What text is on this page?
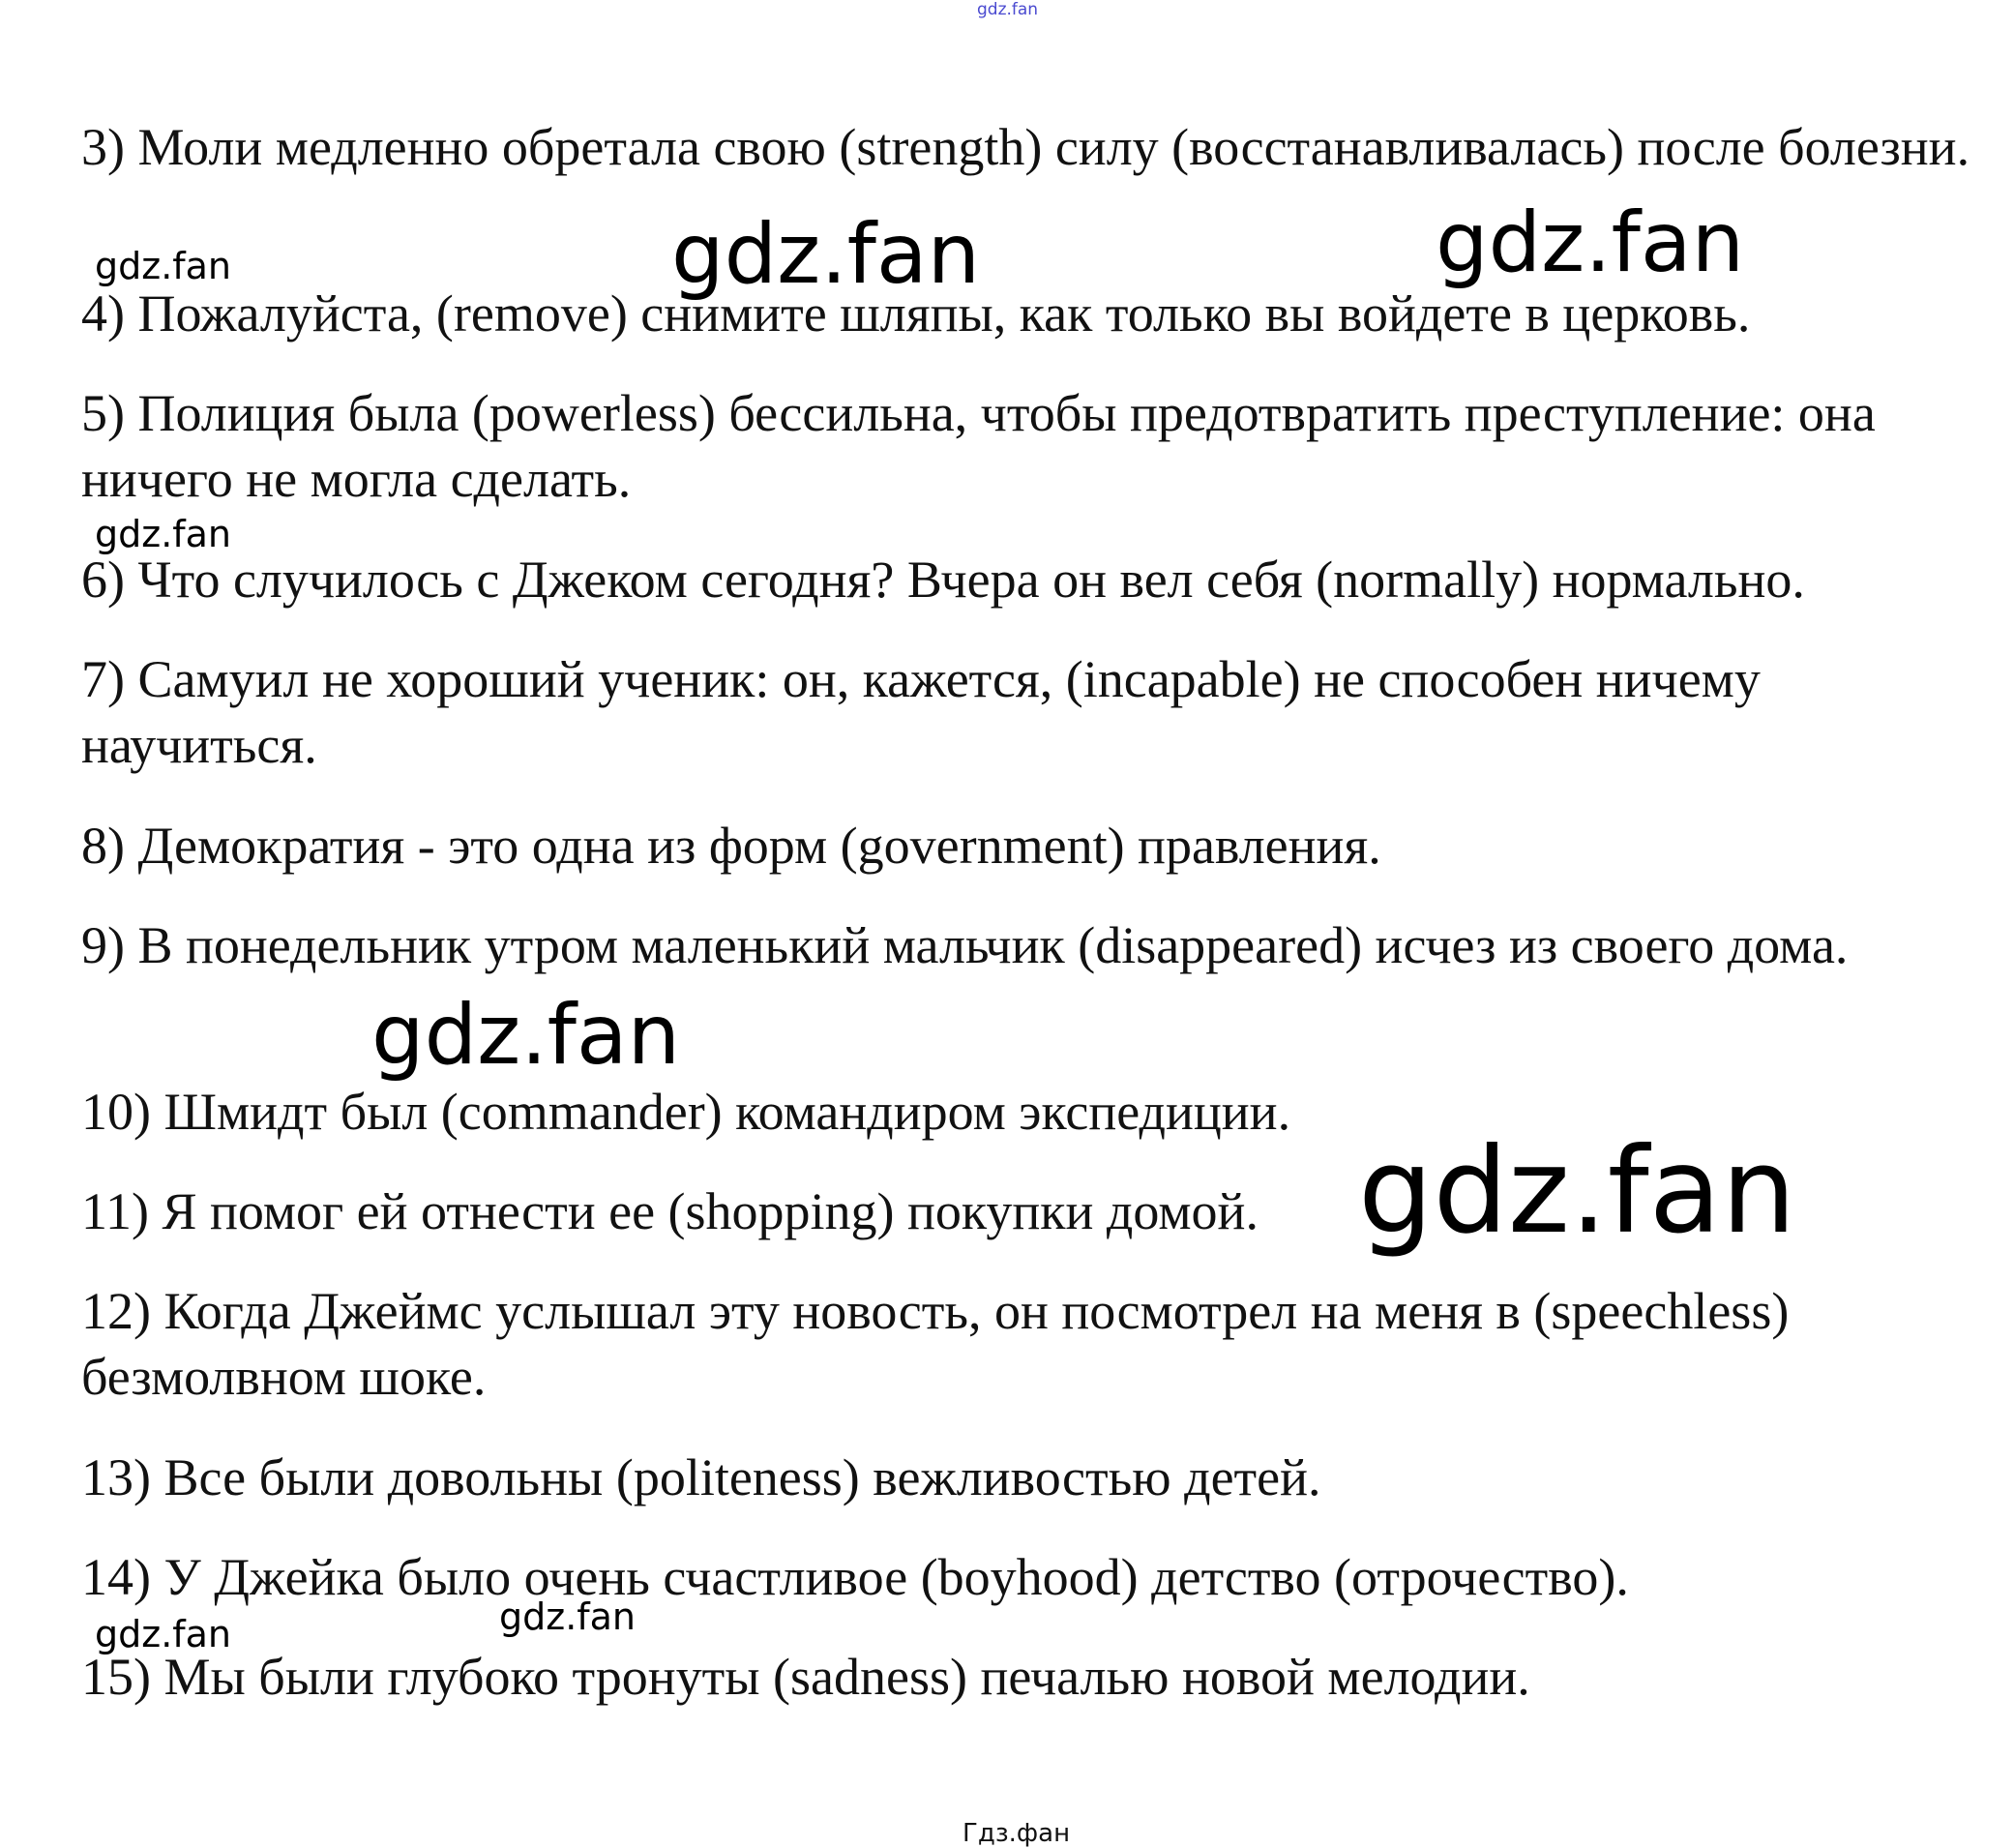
gdz.fan

3) Моли медленно обретала свою (strength) силу (восстанавливалась) после болезни.

4) Пожалуйста, (remove) снимите шляпы, как только вы войдете в церковь.

5) Полиция была (powerless) бессильна, чтобы предотвратить преступление: она ничего не могла сделать.

6) Что случилось с Джеком сегодня? Вчера он вел себя (normally) нормально.

7) Самуил не хороший ученик: он, кажется, (incapable) не способен ничему научиться.

8) Демократия - это одна из форм (government) правления.

9) В понедельник утром маленький мальчик (disappeared) исчез из своего дома.

10) Шмидт был (commander) командиром экспедиции.

11) Я помог ей отнести ее (shopping) покупки домой.

12) Когда Джеймс услышал эту новость, он посмотрел на меня в (speechless) безмолвном шоке.

13) Все были довольны (politeness) вежливостью детей.

14) У Джейка было очень счастливое (boyhood) детство (отрочество).

15) Мы были глубоко тронуты (sadness) печалью новой мелодии.

gdz.fan
gdz.fan
gdz.fan	gdz.fan
gdz.fan	gdz.fan
gdz.fan
gdz.fan
Гдз.фан
